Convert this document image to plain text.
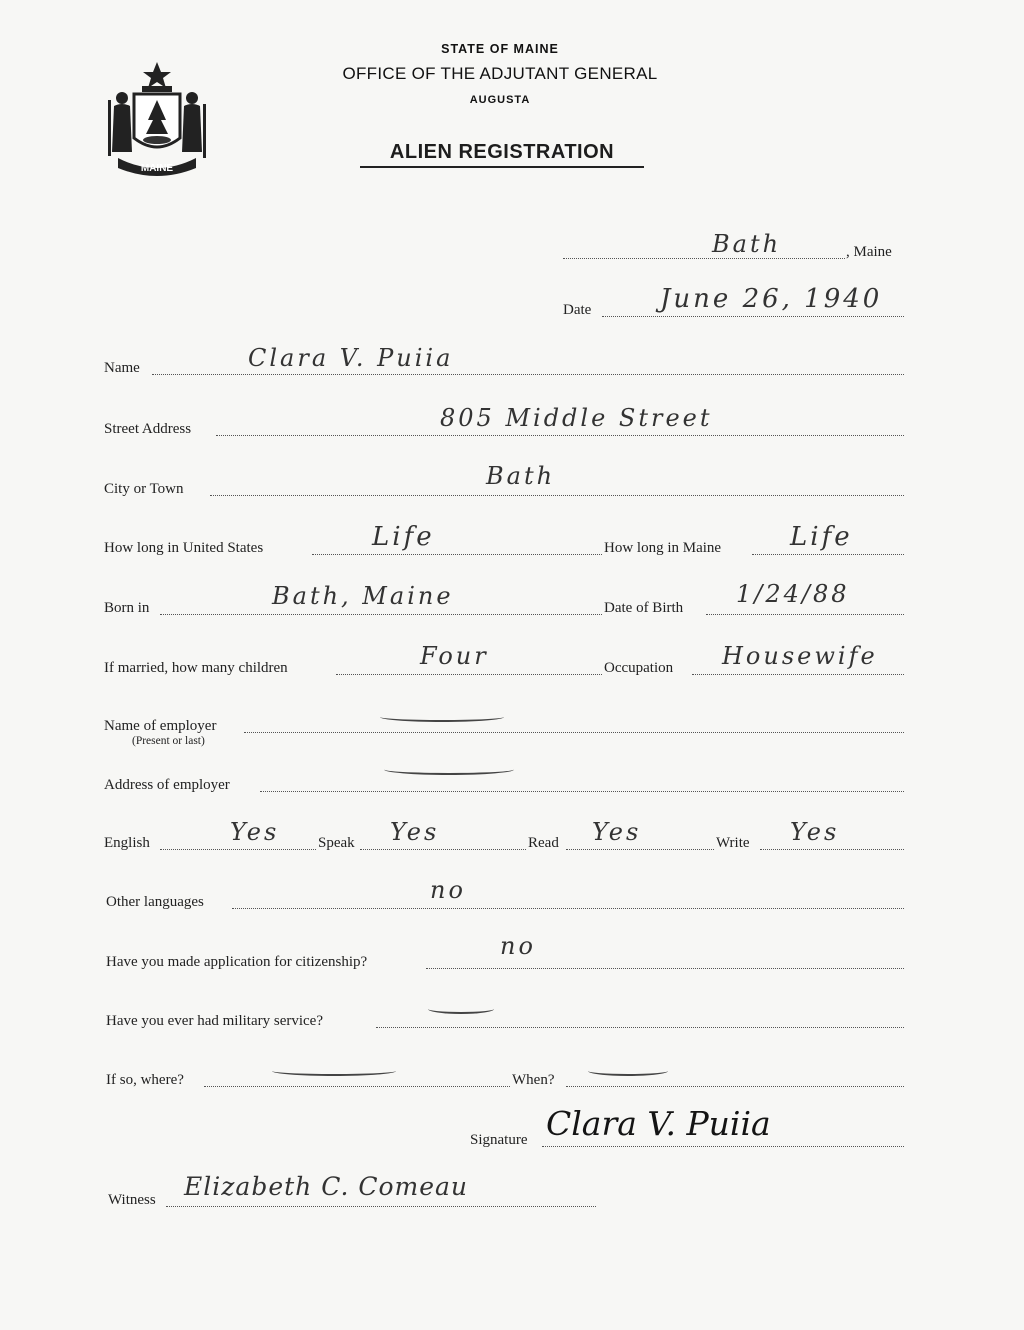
MAINE
STATE OF MAINE
OFFICE OF THE ADJUTANT GENERAL
AUGUSTA
ALIEN REGISTRATION
Bath	, Maine
Date	June 26, 1940
Name	Clara V. Puiia
Street Address	805 Middle Street
City or Town	Bath
How long in United States	Life	How long in Maine	Life
Born in	Bath, Maine	Date of Birth 1/24/88
If married, how many children	Four	Occupation Housewife
Name of employer
(Present or last)
Address of employer
English	Yes	Speak Yes	Read Yes	Write Yes
Other languages	no
Have you made application for citizenship?
no
Have you ever had military service?
If so, where?	When?
Signature Clara V. Puiia
Witness Elizabeth C. Comeau
